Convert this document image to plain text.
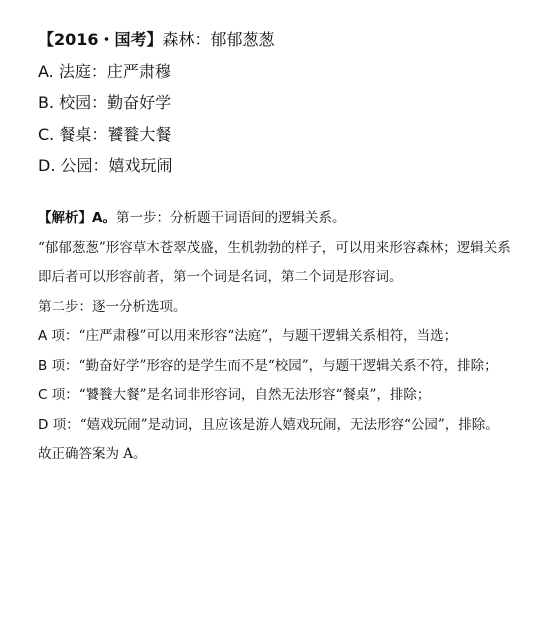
【2016・国考】森林：郁郁葱葱
A. 法庭：庄严肃穆
B. 校园：勤奋好学
C. 餐桌：饕餮大餐
D. 公园：嬉戏玩闹
【解析】A。第一步：分析题干词语间的逻辑关系。
“郁郁葱葱”形容草木苍翠茂盛，生机勃勃的样子，可以用来形容森林；逻辑关系即后者可以形容前者，第一个词是名词，第二个词是形容词。
第二步：逐一分析选项。
A 项：“庄严肃穆”可以用来形容“法庭”，与题干逻辑关系相符，当选；
B 项：“勤奋好学”形容的是学生而不是“校园”，与题干逻辑关系不符，排除；
C 项：“饕餮大餐”是名词非形容词，自然无法形容“餐桌”，排除；
D 项：“嬉戏玩闹”是动词，且应该是游人嬉戏玩闹，无法形容“公园”，排除。
故正确答案为 A。
